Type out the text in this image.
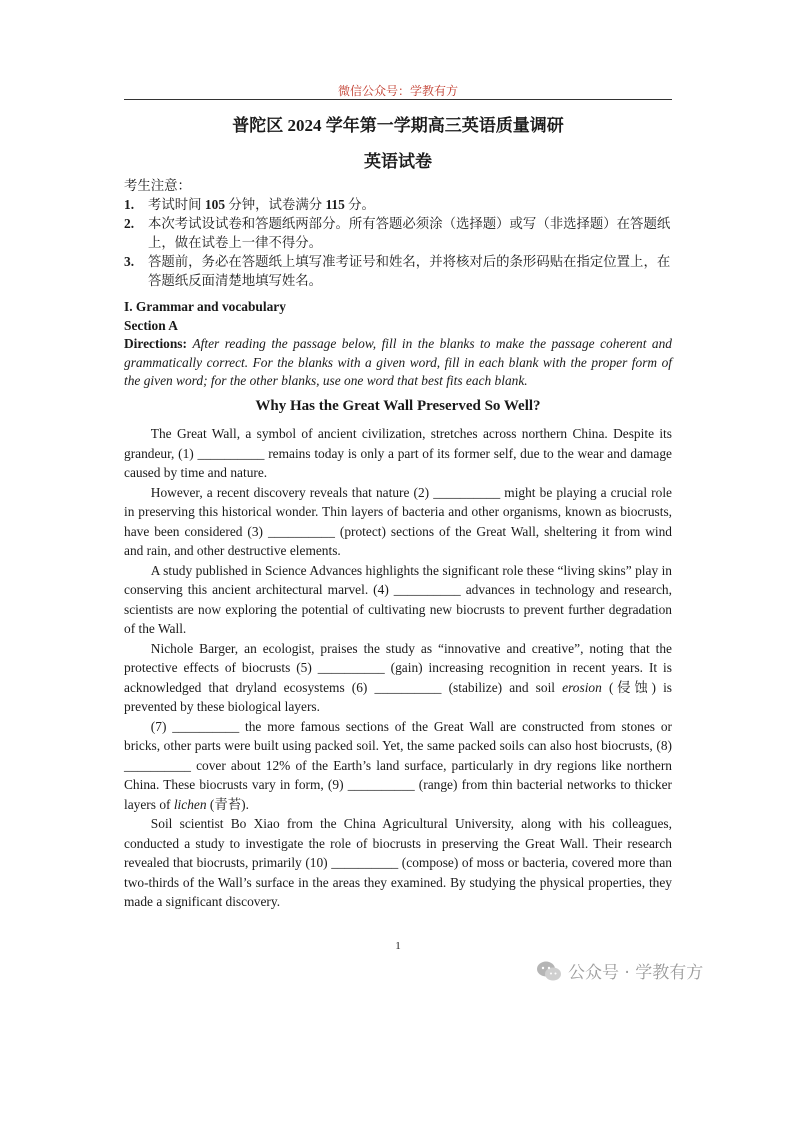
微信公众号：学教有方
普陀区 2024 学年第一学期高三英语质量调研
英语试卷
考生注意：
1.	考试时间 105 分钟，试卷满分 115 分。
2.	本次考试设试卷和答题纸两部分。所有答题必须涂（选择题）或写（非选择题）在答题纸上，做在试卷上一律不得分。
3.	答题前，务必在答题纸上填写准考证号和姓名，并将核对后的条形码贴在指定位置上，在答题纸反面清楚地填写姓名。
I. Grammar and vocabulary
Section A
Directions: After reading the passage below, fill in the blanks to make the passage coherent and grammatically correct. For the blanks with a given word, fill in each blank with the proper form of the given word; for the other blanks, use one word that best fits each blank.
Why Has the Great Wall Preserved So Well?

The Great Wall, a symbol of ancient civilization, stretches across northern China. Despite its grandeur, (1) __________ remains today is only a part of its former self, due to the wear and damage caused by time and nature.

However, a recent discovery reveals that nature (2) __________ might be playing a crucial role in preserving this historical wonder. Thin layers of bacteria and other organisms, known as biocrusts, have been considered (3) __________ (protect) sections of the Great Wall, sheltering it from wind and rain, and other destructive elements.

A study published in Science Advances highlights the significant role these “living skins” play in conserving this ancient architectural marvel. (4) __________ advances in technology and research, scientists are now exploring the potential of cultivating new biocrusts to prevent further degradation of the Wall.

Nichole Barger, an ecologist, praises the study as “innovative and creative”, noting that the protective effects of biocrusts (5) __________ (gain) increasing recognition in recent years. It is acknowledged that dryland ecosystems (6) __________ (stabilize) and soil erosion (侵蚀) is prevented by these biological layers.

(7) __________ the more famous sections of the Great Wall are constructed from stones or bricks, other parts were built using packed soil. Yet, the same packed soils can also host biocrusts, (8) __________ cover about 12% of the Earth’s land surface, particularly in dry regions like northern China. These biocrusts vary in form, (9) __________ (range) from thin bacterial networks to thicker layers of lichen (青苔).

Soil scientist Bo Xiao from the China Agricultural University, along with his colleagues, conducted a study to investigate the role of biocrusts in preserving the Great Wall. Their research revealed that biocrusts, primarily (10) __________ (compose) of moss or bacteria, covered more than two-thirds of the Wall’s surface in the areas they examined. By studying the physical properties, they made a significant discovery.

1
公众号 · 学教有方
